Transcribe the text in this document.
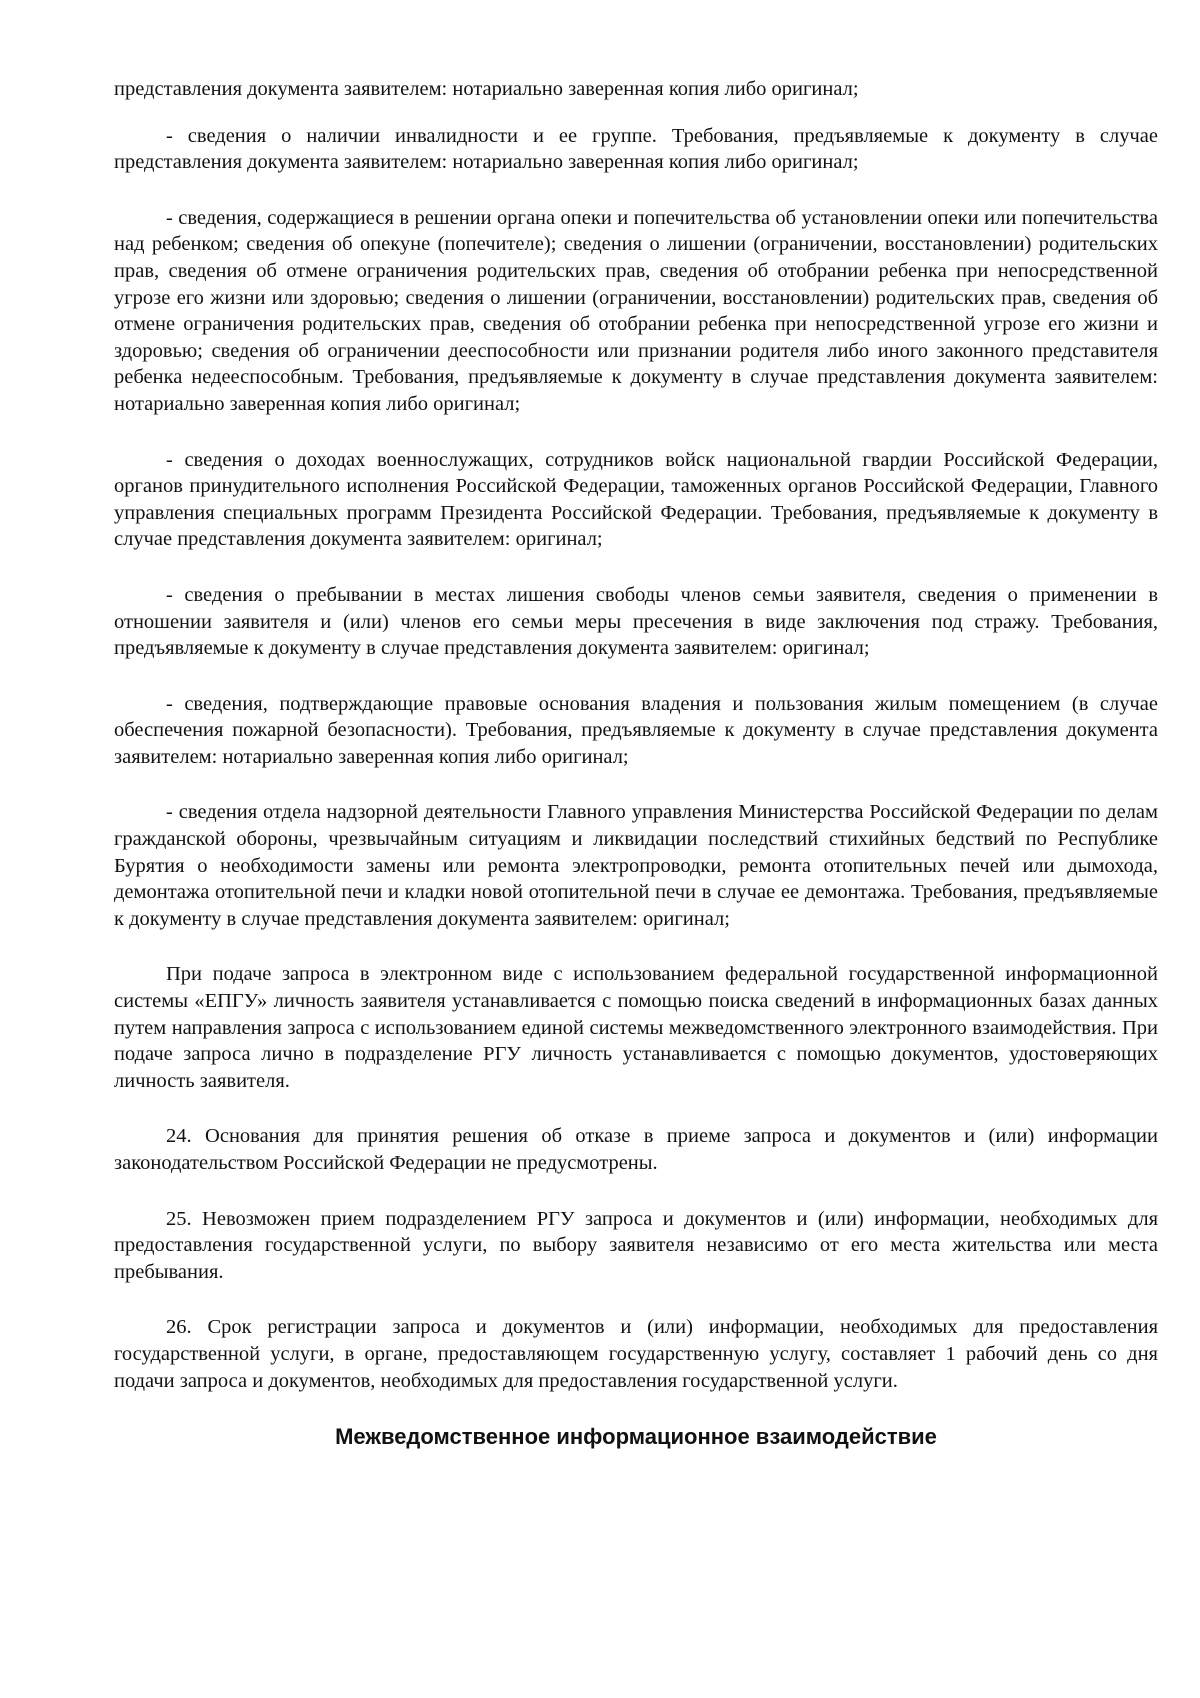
представления документа заявителем: нотариально заверенная копия либо оригинал;

- сведения о наличии инвалидности и ее группе. Требования, предъявляемые к документу в случае представления документа заявителем: нотариально заверенная копия либо оригинал;

- сведения, содержащиеся в решении органа опеки и попечительства об установлении опеки или попечительства над ребенком; сведения об опекуне (попечителе); сведения о лишении (ограничении, восстановлении) родительских прав, сведения об отмене ограничения родительских прав, сведения об отобрании ребенка при непосредственной угрозе его жизни или здоровью; сведения о лишении (ограничении, восстановлении) родительских прав, сведения об отмене ограничения родительских прав, сведения об отобрании ребенка при непосредственной угрозе его жизни и здоровью; сведения об ограничении дееспособности или признании родителя либо иного законного представителя ребенка недееспособным. Требования, предъявляемые к документу в случае представления документа заявителем: нотариально заверенная копия либо оригинал;

- сведения о доходах военнослужащих, сотрудников войск национальной гвардии Российской Федерации, органов принудительного исполнения Российской Федерации, таможенных органов Российской Федерации, Главного управления специальных программ Президента Российской Федерации. Требования, предъявляемые к документу в случае представления документа заявителем: оригинал;

- сведения о пребывании в местах лишения свободы членов семьи заявителя, сведения о применении в отношении заявителя и (или) членов его семьи меры пресечения в виде заключения под стражу. Требования, предъявляемые к документу в случае представления документа заявителем: оригинал;

- сведения, подтверждающие правовые основания владения и пользования жилым помещением (в случае обеспечения пожарной безопасности). Требования, предъявляемые к документу в случае представления документа заявителем: нотариально заверенная копия либо оригинал;

- сведения отдела надзорной деятельности Главного управления Министерства Российской Федерации по делам гражданской обороны, чрезвычайным ситуациям и ликвидации последствий стихийных бедствий по Республике Бурятия о необходимости замены или ремонта электропроводки, ремонта отопительных печей или дымохода, демонтажа отопительной печи и кладки новой отопительной печи в случае ее демонтажа. Требования, предъявляемые к документу в случае представления документа заявителем: оригинал;

При подаче запроса в электронном виде с использованием федеральной государственной информационной системы «ЕПГУ» личность заявителя устанавливается с помощью поиска сведений в информационных базах данных путем направления запроса с использованием единой системы межведомственного электронного взаимодействия. При подаче запроса лично в подразделение РГУ личность устанавливается с помощью документов, удостоверяющих личность заявителя.

24. Основания для принятия решения об отказе в приеме запроса и документов и (или) информации законодательством Российской Федерации не предусмотрены.

25. Невозможен прием подразделением РГУ запроса и документов и (или) информации, необходимых для предоставления государственной услуги, по выбору заявителя независимо от его места жительства или места пребывания.

26. Срок регистрации запроса и документов и (или) информации, необходимых для предоставления государственной услуги, в органе, предоставляющем государственную услугу, составляет 1 рабочий день со дня подачи запроса и документов, необходимых для предоставления государственной услуги.

Межведомственное информационное взаимодействие
